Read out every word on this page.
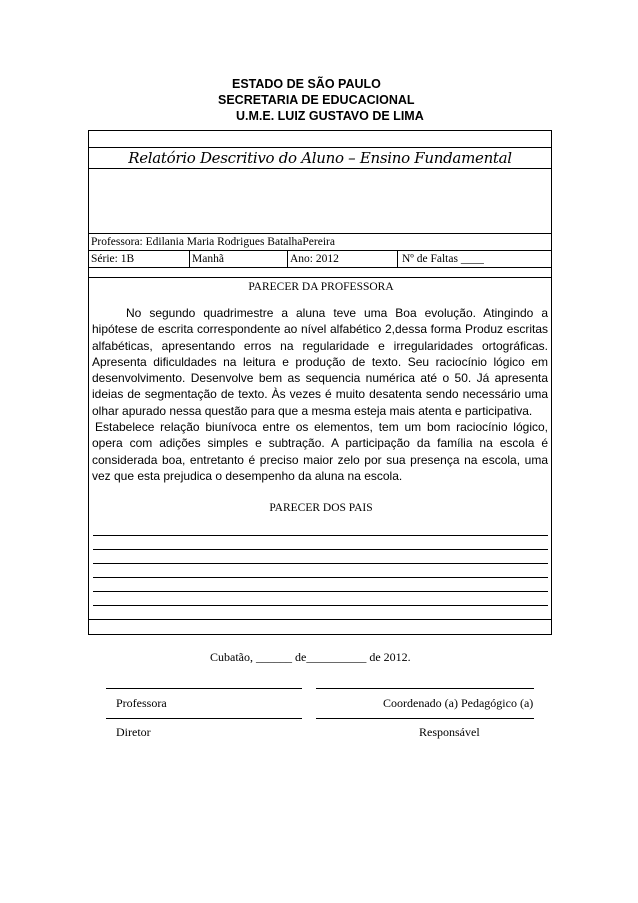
ESTADO DE SÃO PAULO
SECRETARIA DE EDUCACIONAL
U.M.E. LUIZ GUSTAVO DE LIMA
Relatório Descritivo do Aluno – Ensino Fundamental
Professora: Edilania Maria Rodrigues BatalhaPereira
Série: 1B	Manhã	Ano: 2012	Nº de Faltas ____
PARECER DA PROFESSORA

No segundo quadrimestre a aluna teve uma Boa evolução. Atingindo a hipótese de escrita correspondente ao nível alfabético 2,dessa forma Produz escritas alfabéticas, apresentando erros na regularidade e irregularidades ortográficas. Apresenta dificuldades na leitura e produção de texto. Seu raciocínio lógico em desenvolvimento. Desenvolve bem as sequencia numérica até o 50. Já apresenta ideias de segmentação de texto. Às vezes é muito desatenta sendo necessário uma olhar apurado nessa questão para que a mesma esteja mais atenta e participativa.

Estabelece relação biunívoca entre os elementos, tem um bom raciocínio lógico, opera com adições simples e subtração. A participação da família na escola é considerada boa, entretanto é preciso maior zelo por sua presença na escola, uma vez que esta prejudica o desempenho da aluna na escola.

PARECER DOS PAIS
Cubatão, ______ de__________ de 2012.
Professora	Coordenado (a) Pedagógico (a)
Diretor	Responsável
